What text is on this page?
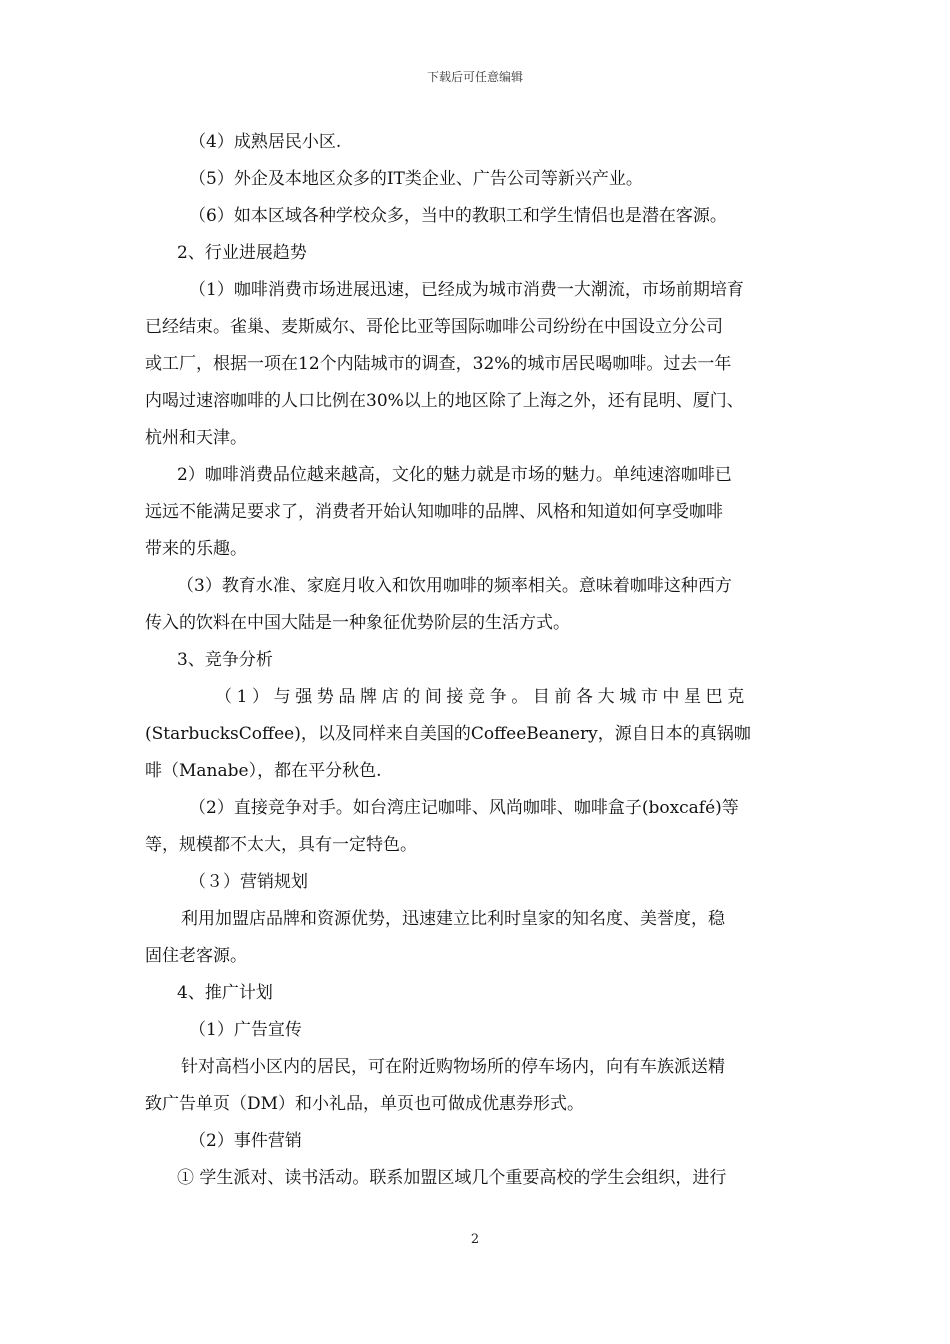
下载后可任意编辑
（4）成熟居民小区.
（5）外企及本地区众多的IT类企业、广告公司等新兴产业。
（6）如本区域各种学校众多，当中的教职工和学生情侣也是潜在客源。
2、行业进展趋势
（1）咖啡消费市场进展迅速，已经成为城市消费一大潮流，市场前期培育
已经结束。雀巢、麦斯威尔、哥伦比亚等国际咖啡公司纷纷在中国设立分公司
或工厂，根据一项在12个内陆城市的调查，32%的城市居民喝咖啡。过去一年
内喝过速溶咖啡的人口比例在30%以上的地区除了上海之外，还有昆明、厦门、
杭州和天津。
2）咖啡消费品位越来越高，文化的魅力就是市场的魅力。单纯速溶咖啡已
远远不能满足要求了，消费者开始认知咖啡的品牌、风格和知道如何享受咖啡
带来的乐趣。
（3）教育水准、家庭月收入和饮用咖啡的频率相关。意味着咖啡这种西方
传入的饮料在中国大陆是一种象征优势阶层的生活方式。
3、竞争分析
（1）与强势品牌店的间接竞争。目前各大城市中星巴克
(StarbucksCoffee)，以及同样来自美国的CoffeeBeanery，源自日本的真锅咖
啡（Manabe），都在平分秋色.
（2）直接竞争对手。如台湾庄记咖啡、风尚咖啡、咖啡盒子(boxcafé)等
等，规模都不太大，具有一定特色。
（３）营销规划
利用加盟店品牌和资源优势，迅速建立比利时皇家的知名度、美誉度，稳
固住老客源。
4、推广计划
（1）广告宣传
针对高档小区内的居民，可在附近购物场所的停车场内，向有车族派送精
致广告单页（DM）和小礼品，单页也可做成优惠券形式。
（2）事件营销
① 学生派对、读书活动。联系加盟区域几个重要高校的学生会组织，进行
2
